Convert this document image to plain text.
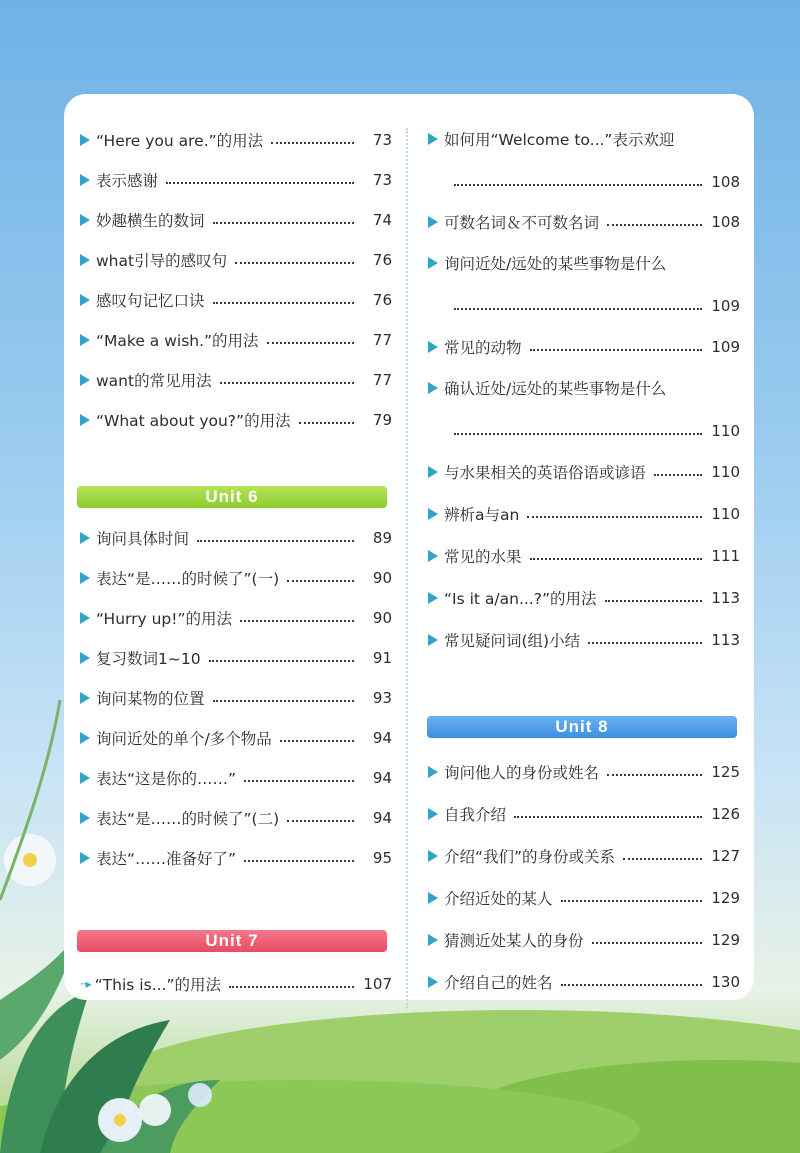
“Here you are.”的用法	73
表示感谢	73
妙趣横生的数词	74
what引导的感叹句	76
感叹句记忆口诀	76
“Make a wish.”的用法	77
want的常见用法	77
“What about you?”的用法	79
Unit 6
询问具体时间	89
表达“是……的时候了”(一)	90
“Hurry up!”的用法	90
复习数词1~10	91
询问某物的位置	93
询问近处的单个/多个物品	94
表达“这是你的……”	94
表达“是……的时候了”(二)	94
表达“……准备好了”	95
Unit 7
··▸ “This is...”的用法	107
如何用“Welcome to...”表示欢迎
108
可数名词＆不可数名词	108
询问近处/远处的某些事物是什么
109
常见的动物	109
确认近处/远处的某些事物是什么
110
与水果相关的英语俗语或谚语	110
辨析a与an	110
常见的水果	111
“Is it a/an...?”的用法	113
常见疑问词(组)小结	113
Unit 8
询问他人的身份或姓名	125
自我介绍	126
介绍“我们”的身份或关系	127
介绍近处的某人	129
猜测近处某人的身份	129
介绍自己的姓名	130
